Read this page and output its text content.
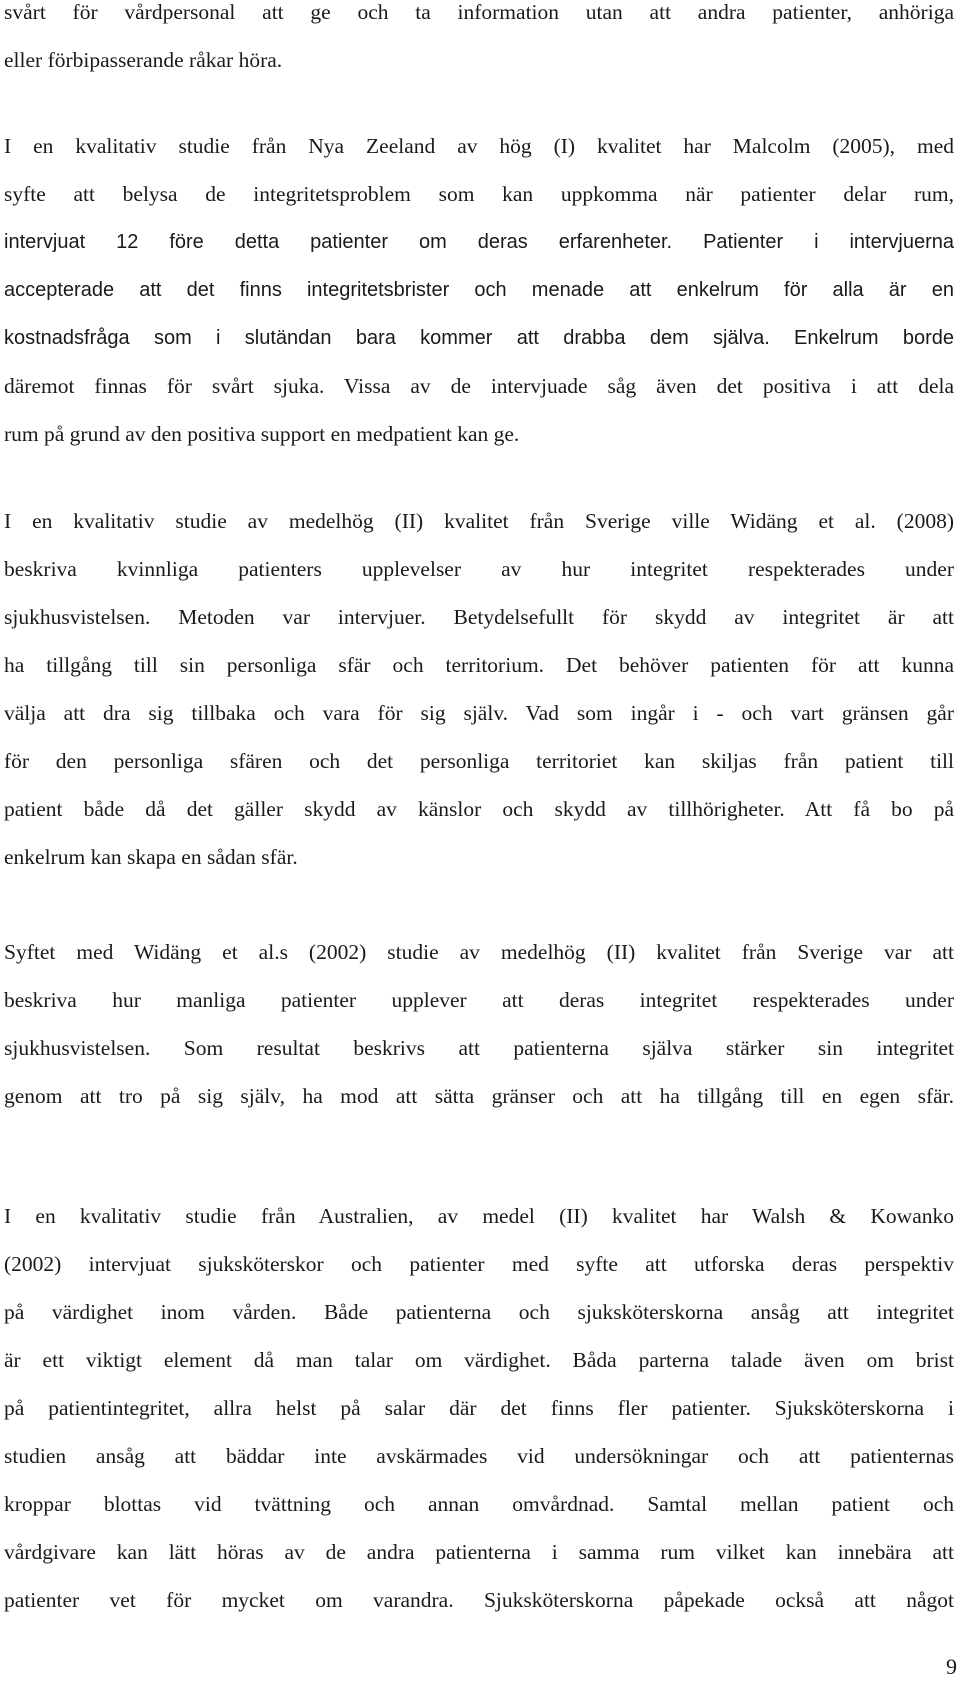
svårt för vårdpersonal att ge och ta information utan att andra patienter, anhöriga
eller förbipasserande råkar höra.

I en kvalitativ studie från Nya Zeeland av hög (I) kvalitet har Malcolm (2005), med
syfte att belysa de integritetsproblem som kan uppkomma när patienter delar rum,
intervjuat 12 före detta patienter om deras erfarenheter. Patienter i intervjuerna
accepterade att det finns integritetsbrister och menade att enkelrum för alla är en
kostnadsfråga som i slutändan bara kommer att drabba dem själva. Enkelrum borde
däremot finnas för svårt sjuka. Vissa av de intervjuade såg även det positiva i att dela
rum på grund av den positiva support en medpatient kan ge.

I en kvalitativ studie av medelhög (II) kvalitet från Sverige ville Widäng et al. (2008)
beskriva kvinnliga patienters upplevelser av hur integritet respekterades under
sjukhusvistelsen. Metoden var intervjuer. Betydelsefullt för skydd av integritet är att
ha tillgång till sin personliga sfär och territorium. Det behöver patienten för att kunna
välja att dra sig tillbaka och vara för sig själv. Vad som ingår i - och vart gränsen går
för den personliga sfären och det personliga territoriet kan skiljas från patient till
patient både då det gäller skydd av känslor och skydd av tillhörigheter. Att få bo på
enkelrum kan skapa en sådan sfär.

Syftet med Widäng et al.s (2002) studie av medelhög (II) kvalitet från Sverige var att
beskriva hur manliga patienter upplever att deras integritet respekterades under
sjukhusvistelsen. Som resultat beskrivs att patienterna själva stärker sin integritet
genom att tro på sig själv, ha mod att sätta gränser och att ha tillgång till en egen sfär.

I en kvalitativ studie från Australien, av medel (II) kvalitet har Walsh & Kowanko
(2002) intervjuat sjuksköterskor och patienter med syfte att utforska deras perspektiv
på värdighet inom vården. Både patienterna och sjuksköterskorna ansåg att integritet
är ett viktigt element då man talar om värdighet. Båda parterna talade även om brist
på patientintegritet, allra helst på salar där det finns fler patienter. Sjuksköterskorna i
studien ansåg att bäddar inte avskärmades vid undersökningar och att patienternas
kroppar blottas vid tvättning och annan omvårdnad. Samtal mellan patient och
vårdgivare kan lätt höras av de andra patienterna i samma rum vilket kan innebära att
patienter vet för mycket om varandra. Sjuksköterskorna påpekade också att något

9
